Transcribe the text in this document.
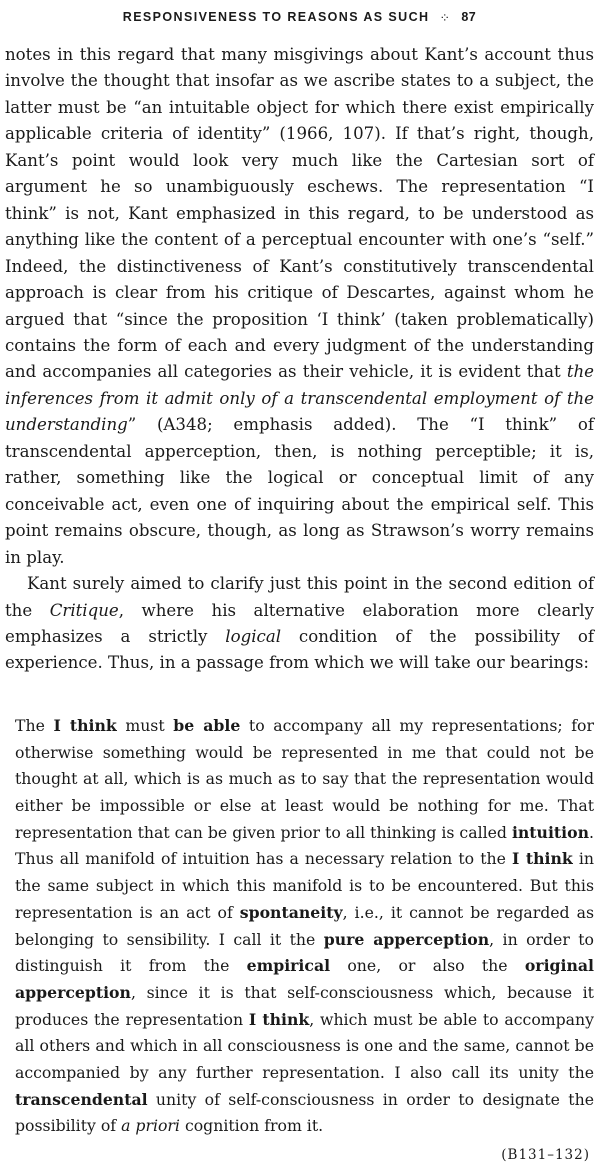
RESPONSIVENESS TO REASONS AS SUCH ⁘ 87

notes in this regard that many misgivings about Kant’s account thus involve the thought that insofar as we ascribe states to a subject, the latter must be “an intuitable object for which there exist empirically applicable criteria of identity” (1966, 107). If that’s right, though, Kant’s point would look very much like the Cartesian sort of argument he so unambiguously eschews. The representation “I think” is not, Kant emphasized in this regard, to be understood as anything like the content of a perceptual encounter with one’s “self.” Indeed, the distinctiveness of Kant’s constitutively transcendental approach is clear from his critique of Descartes, against whom he argued that “since the proposition ‘I think’ (taken problematically) contains the form of each and every judgment of the understanding and accompanies all categories as their vehicle, it is evident that the inferences from it admit only of a transcendental employment of the understanding” (A348; emphasis added). The “I think” of transcendental apperception, then, is nothing perceptible; it is, rather, something like the logical or conceptual limit of any conceivable act, even one of inquiring about the empirical self. This point remains obscure, though, as long as Strawson’s worry remains in play.

Kant surely aimed to clarify just this point in the second edition of the Critique, where his alternative elaboration more clearly emphasizes a strictly logical condition of the possibility of experience. Thus, in a passage from which we will take our bearings:

The I think must be able to accompany all my representations; for otherwise something would be represented in me that could not be thought at all, which is as much as to say that the representation would either be impossible or else at least would be nothing for me. That representation that can be given prior to all thinking is called intuition. Thus all manifold of intuition has a necessary relation to the I think in the same subject in which this manifold is to be encountered. But this representation is an act of spontaneity, i.e., it cannot be regarded as belonging to sensibility. I call it the pure apperception, in order to distinguish it from the empirical one, or also the original apperception, since it is that self-consciousness which, because it produces the representation I think, which must be able to accompany all others and which in all consciousness is one and the same, cannot be accompanied by any further representation. I also call its unity the transcendental unity of self-consciousness in order to designate the possibility of a priori cognition from it.

(B131–132)
